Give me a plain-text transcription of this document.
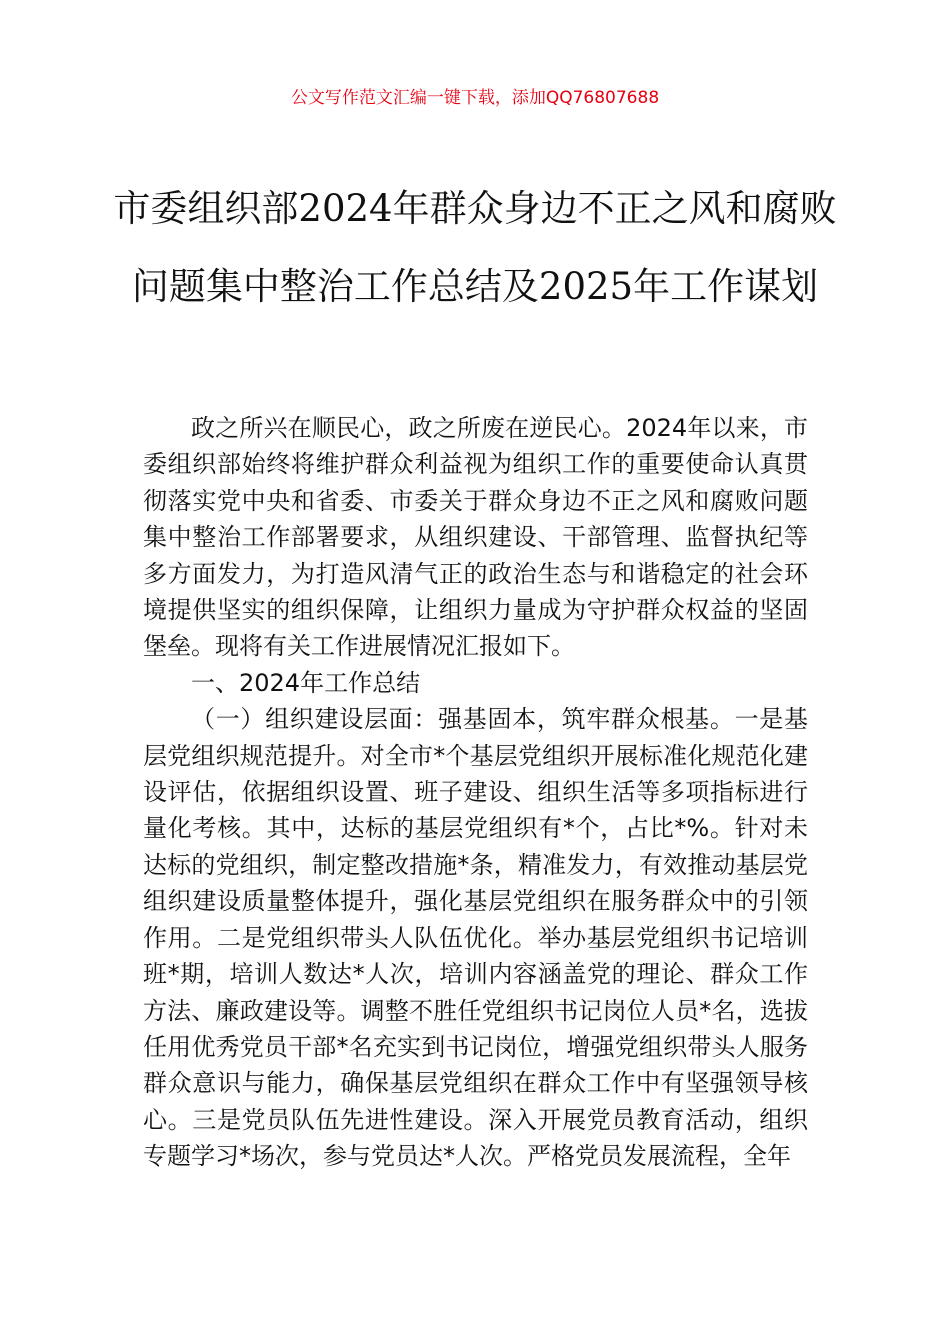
公文写作范文汇编一键下载，添加QQ76807688
市委组织部2024年群众身边不正之风和腐败问题集中整治工作总结及2025年工作谋划

政之所兴在顺民心，政之所废在逆民心。2024年以来，市委组织部始终将维护群众利益视为组织工作的重要使命认真贯彻落实党中央和省委、市委关于群众身边不正之风和腐败问题集中整治工作部署要求，从组织建设、干部管理、监督执纪等多方面发力，为打造风清气正的政治生态与和谐稳定的社会环境提供坚实的组织保障，让组织力量成为守护群众权益的坚固堡垒。现将有关工作进展情况汇报如下。

一、2024年工作总结

（一）组织建设层面：强基固本，筑牢群众根基。一是基层党组织规范提升。对全市*个基层党组织开展标准化规范化建设评估，依据组织设置、班子建设、组织生活等多项指标进行量化考核。其中，达标的基层党组织有*个，占比*%。针对未达标的党组织，制定整改措施*条，精准发力，有效推动基层党组织建设质量整体提升，强化基层党组织在服务群众中的引领作用。二是党组织带头人队伍优化。举办基层党组织书记培训班*期，培训人数达*人次，培训内容涵盖党的理论、群众工作方法、廉政建设等。调整不胜任党组织书记岗位人员*名，选拔任用优秀党员干部*名充实到书记岗位，增强党组织带头人服务群众意识与能力，确保基层党组织在群众工作中有坚强领导核心。三是党员队伍先进性建设。深入开展党员教育活动，组织专题学习*场次，参与党员达*人次。严格党员发展流程，全年
